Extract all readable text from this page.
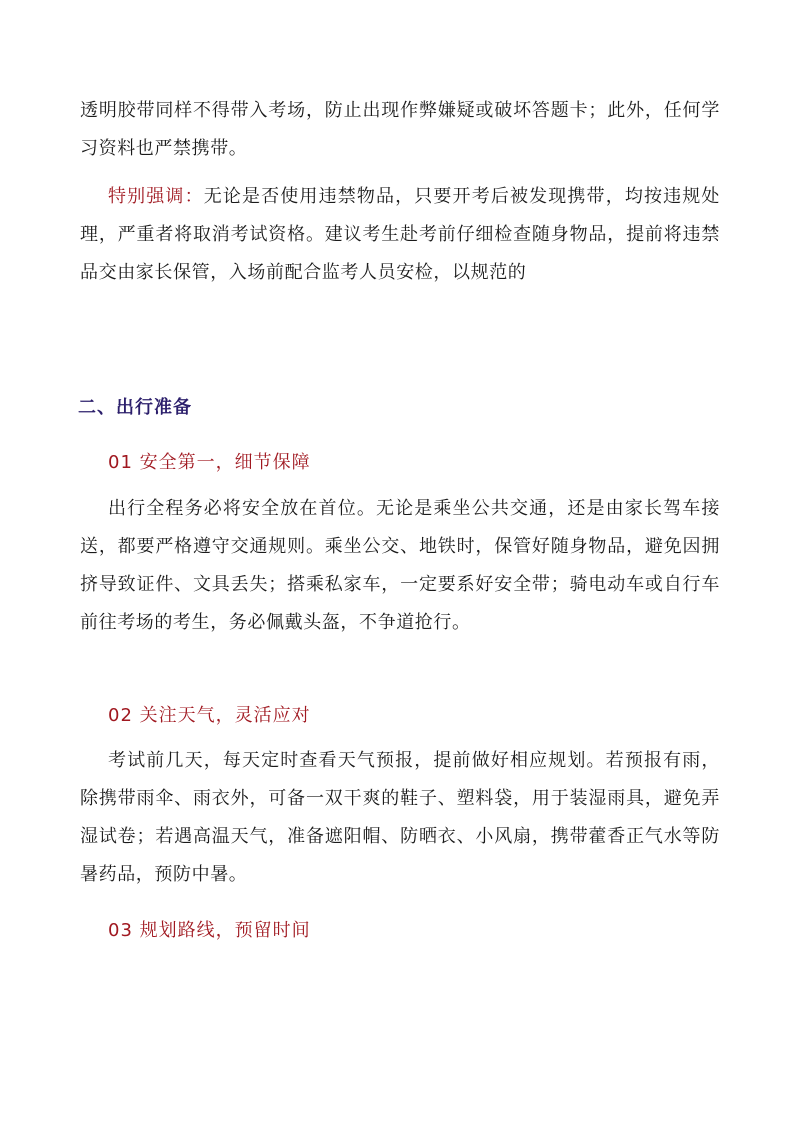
透明胶带同样不得带入考场，防止出现作弊嫌疑或破坏答题卡；此外，任何学习资料也严禁携带。

特别强调：无论是否使用违禁物品，只要开考后被发现携带，均按违规处理，严重者将取消考试资格。建议考生赴考前仔细检查随身物品，提前将违禁品交由家长保管，入场前配合监考人员安检，以规范的

二、出行准备

01 安全第一，细节保障

出行全程务必将安全放在首位。无论是乘坐公共交通，还是由家长驾车接送，都要严格遵守交通规则。乘坐公交、地铁时，保管好随身物品，避免因拥挤导致证件、文具丢失；搭乘私家车，一定要系好安全带；骑电动车或自行车前往考场的考生，务必佩戴头盔，不争道抢行。

02 关注天气，灵活应对

考试前几天，每天定时查看天气预报，提前做好相应规划。若预报有雨，除携带雨伞、雨衣外，可备一双干爽的鞋子、塑料袋，用于装湿雨具，避免弄湿试卷；若遇高温天气，准备遮阳帽、防晒衣、小风扇，携带藿香正气水等防暑药品，预防中暑。

03 规划路线，预留时间
